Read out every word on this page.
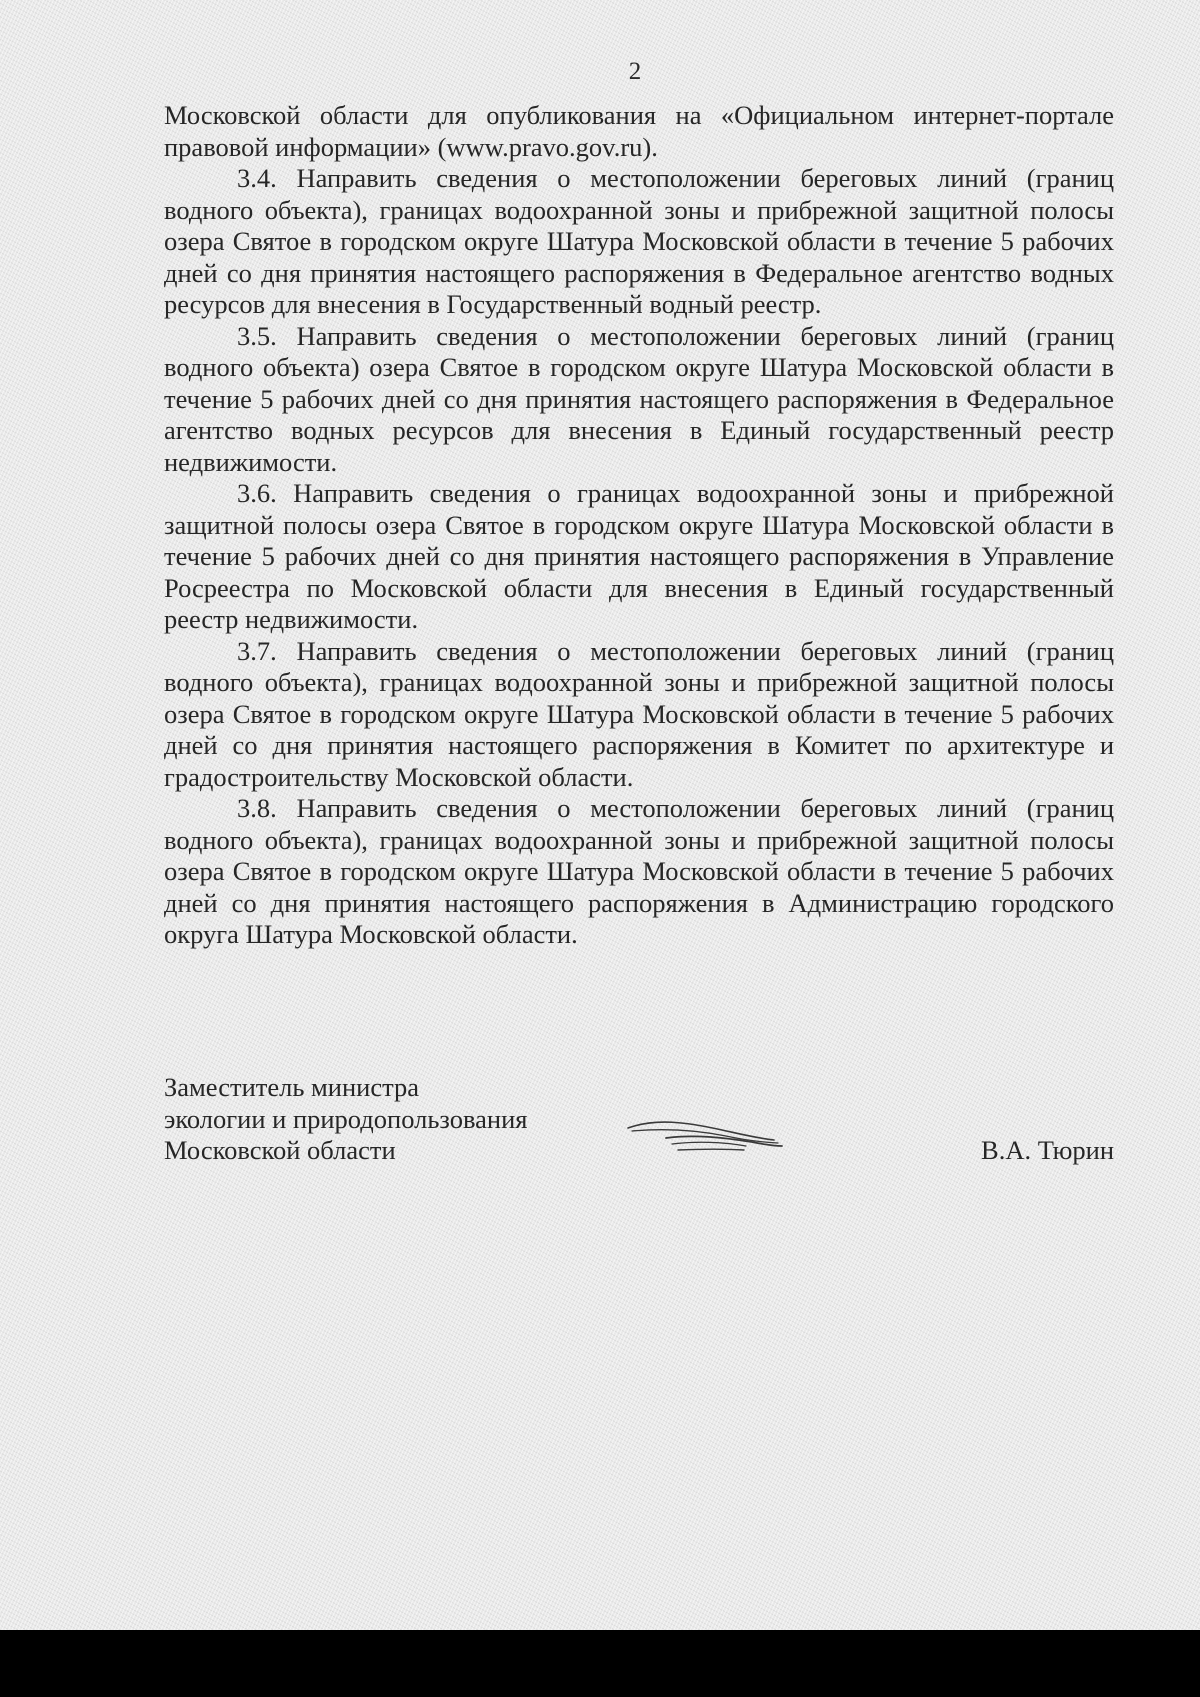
2

Московской области для опубликования на «Официальном интернет-портале правовой информации» (www.pravo.gov.ru).

3.4. Направить сведения о местоположении береговых линий (границ водного объекта), границах водоохранной зоны и прибрежной защитной полосы озера Святое в городском округе Шатура Московской области в течение 5 рабочих дней со дня принятия настоящего распоряжения в Федеральное агентство водных ресурсов для внесения в Государственный водный реестр.

3.5. Направить сведения о местоположении береговых линий (границ водного объекта) озера Святое в городском округе Шатура Московской области в течение 5 рабочих дней со дня принятия настоящего распоряжения в Федеральное агентство водных ресурсов для внесения в Единый государственный реестр недвижимости.

3.6. Направить сведения о границах водоохранной зоны и прибрежной защитной полосы озера Святое в городском округе Шатура Московской области в течение 5 рабочих дней со дня принятия настоящего распоряжения в Управление Росреестра по Московской области для внесения в Единый государственный реестр недвижимости.

3.7. Направить сведения о местоположении береговых линий (границ водного объекта), границах водоохранной зоны и прибрежной защитной полосы озера Святое в городском округе Шатура Московской области в течение 5 рабочих дней со дня принятия настоящего распоряжения в Комитет по архитектуре и градостроительству Московской области.

3.8. Направить сведения о местоположении береговых линий (границ водного объекта), границах водоохранной зоны и прибрежной защитной полосы озера Святое в городском округе Шатура Московской области в течение 5 рабочих дней со дня принятия настоящего распоряжения в Администрацию городского округа Шатура Московской области.

Заместитель министра
экологии и природопользования
Московской области	В.А. Тюрин
